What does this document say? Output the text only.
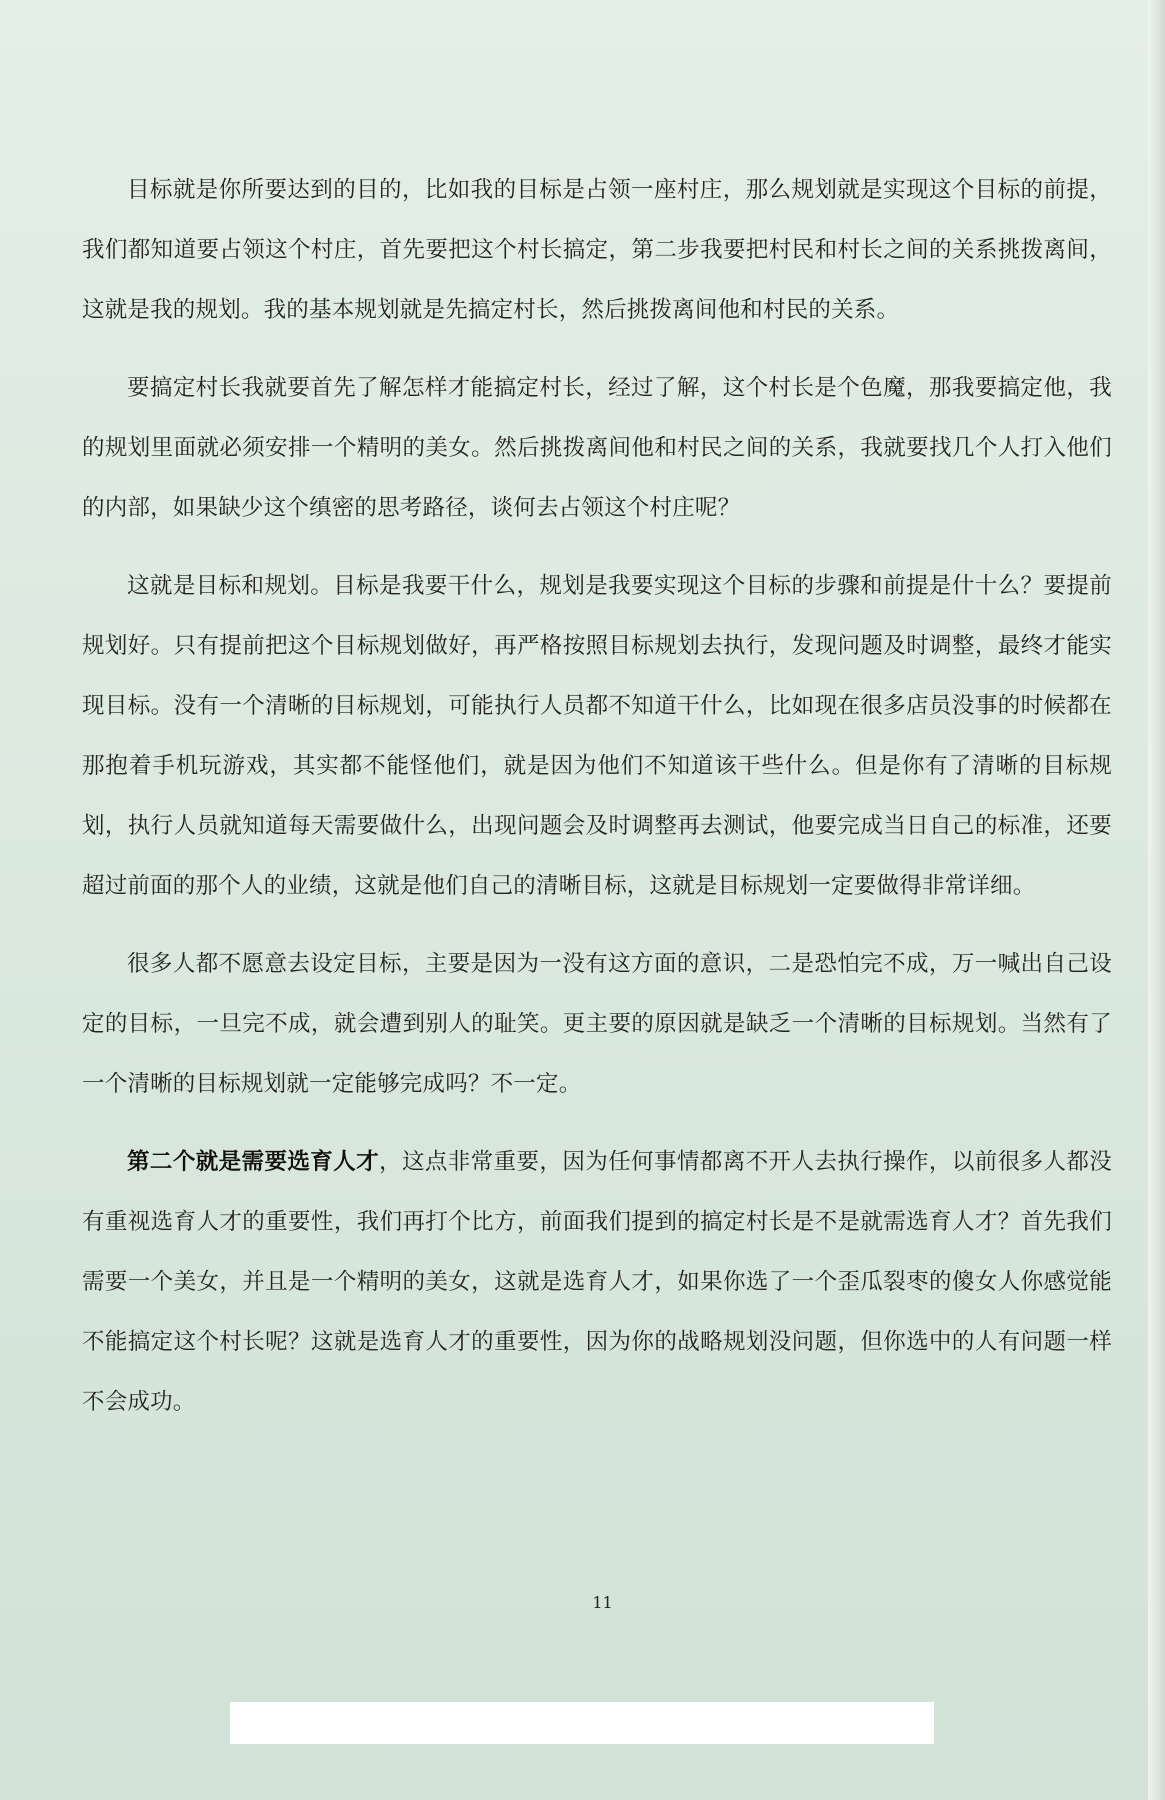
目标就是你所要达到的目的，比如我的目标是占领一座村庄，那么规划就是实现这个目标的前提，我们都知道要占领这个村庄，首先要把这个村长搞定，第二步我要把村民和村长之间的关系挑拨离间，这就是我的规划。我的基本规划就是先搞定村长，然后挑拨离间他和村民的关系。

要搞定村长我就要首先了解怎样才能搞定村长，经过了解，这个村长是个色魔，那我要搞定他，我的规划里面就必须安排一个精明的美女。然后挑拨离间他和村民之间的关系，我就要找几个人打入他们的内部，如果缺少这个缜密的思考路径，谈何去占领这个村庄呢？

这就是目标和规划。目标是我要干什么，规划是我要实现这个目标的步骤和前提是什十么？要提前规划好。只有提前把这个目标规划做好，再严格按照目标规划去执行，发现问题及时调整，最终才能实现目标。没有一个清晰的目标规划，可能执行人员都不知道干什么，比如现在很多店员没事的时候都在那抱着手机玩游戏，其实都不能怪他们，就是因为他们不知道该干些什么。但是你有了清晰的目标规划，执行人员就知道每天需要做什么，出现问题会及时调整再去测试，他要完成当日自己的标准，还要超过前面的那个人的业绩，这就是他们自己的清晰目标，这就是目标规划一定要做得非常详细。

很多人都不愿意去设定目标，主要是因为一没有这方面的意识，二是恐怕完不成，万一喊出自己设定的目标，一旦完不成，就会遭到别人的耻笑。更主要的原因就是缺乏一个清晰的目标规划。当然有了一个清晰的目标规划就一定能够完成吗？不一定。

第二个就是需要选育人才，这点非常重要，因为任何事情都离不开人去执行操作，以前很多人都没有重视选育人才的重要性，我们再打个比方，前面我们提到的搞定村长是不是就需选育人才？首先我们需要一个美女，并且是一个精明的美女，这就是选育人才，如果你选了一个歪瓜裂枣的傻女人你感觉能不能搞定这个村长呢？这就是选育人才的重要性，因为你的战略规划没问题，但你选中的人有问题一样不会成功。

11
